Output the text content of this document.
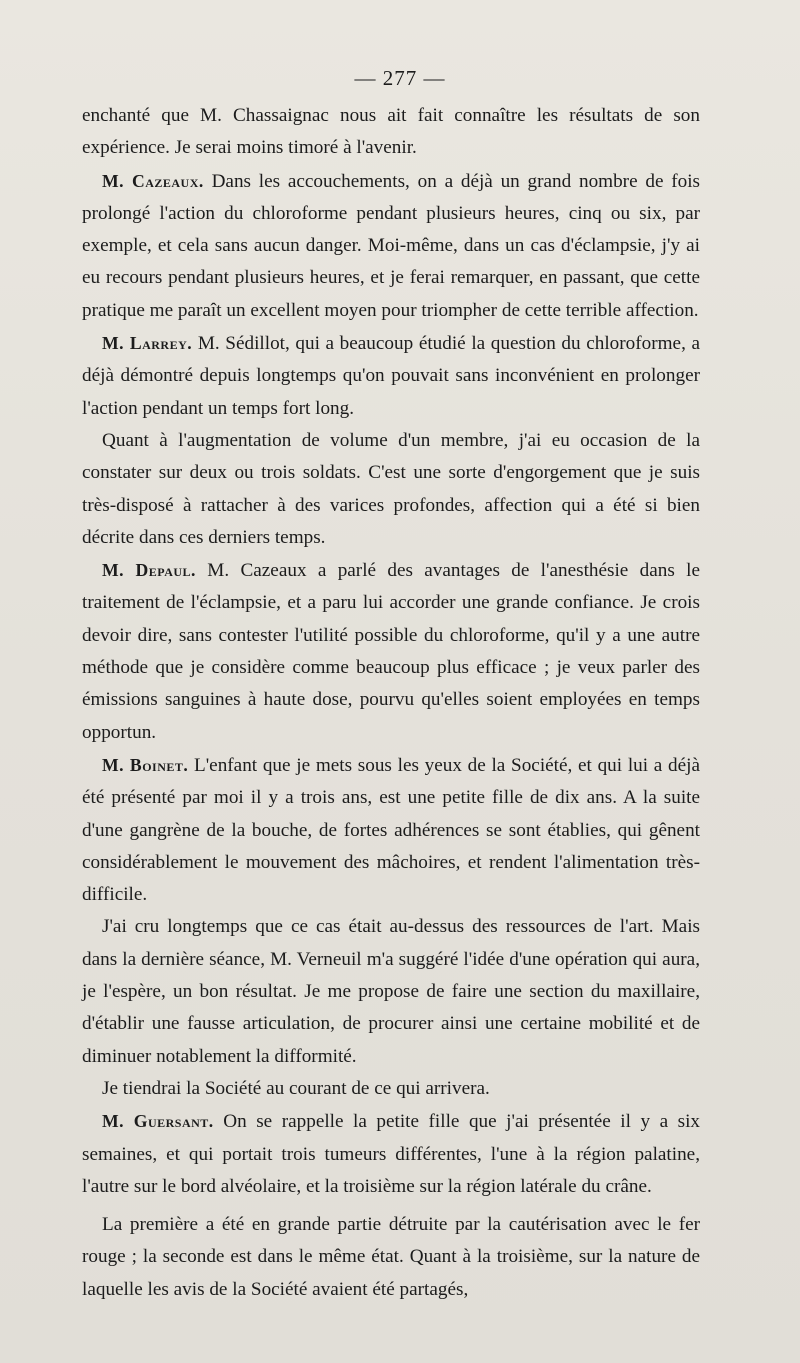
— 277 —

enchanté que M. Chassaignac nous ait fait connaître les résultats de son expérience. Je serai moins timoré à l'avenir.

M. Cazeaux. Dans les accouchements, on a déjà un grand nombre de fois prolongé l'action du chloroforme pendant plusieurs heures, cinq ou six, par exemple, et cela sans aucun danger. Moi-même, dans un cas d'éclampsie, j'y ai eu recours pendant plusieurs heures, et je ferai remarquer, en passant, que cette pratique me paraît un excellent moyen pour triompher de cette terrible affection.

M. Larrey. M. Sédillot, qui a beaucoup étudié la question du chloroforme, a déjà démontré depuis longtemps qu'on pouvait sans inconvénient en prolonger l'action pendant un temps fort long.

Quant à l'augmentation de volume d'un membre, j'ai eu occasion de la constater sur deux ou trois soldats. C'est une sorte d'engorgement que je suis très-disposé à rattacher à des varices profondes, affection qui a été si bien décrite dans ces derniers temps.

M. Depaul. M. Cazeaux a parlé des avantages de l'anesthésie dans le traitement de l'éclampsie, et a paru lui accorder une grande confiance. Je crois devoir dire, sans contester l'utilité possible du chloroforme, qu'il y a une autre méthode que je considère comme beaucoup plus efficace ; je veux parler des émissions sanguines à haute dose, pourvu qu'elles soient employées en temps opportun.

M. Boinet. L'enfant que je mets sous les yeux de la Société, et qui lui a déjà été présenté par moi il y a trois ans, est une petite fille de dix ans. A la suite d'une gangrène de la bouche, de fortes adhérences se sont établies, qui gênent considérablement le mouvement des mâchoires, et rendent l'alimentation très-difficile.

J'ai cru longtemps que ce cas était au-dessus des ressources de l'art. Mais dans la dernière séance, M. Verneuil m'a suggéré l'idée d'une opération qui aura, je l'espère, un bon résultat. Je me propose de faire une section du maxillaire, d'établir une fausse articulation, de procurer ainsi une certaine mobilité et de diminuer notablement la difformité.

Je tiendrai la Société au courant de ce qui arrivera.

M. Guersant. On se rappelle la petite fille que j'ai présentée il y a six semaines, et qui portait trois tumeurs différentes, l'une à la région palatine, l'autre sur le bord alvéolaire, et la troisième sur la région latérale du crâne.

La première a été en grande partie détruite par la cautérisation avec le fer rouge ; la seconde est dans le même état. Quant à la troisième, sur la nature de laquelle les avis de la Société avaient été partagés,
